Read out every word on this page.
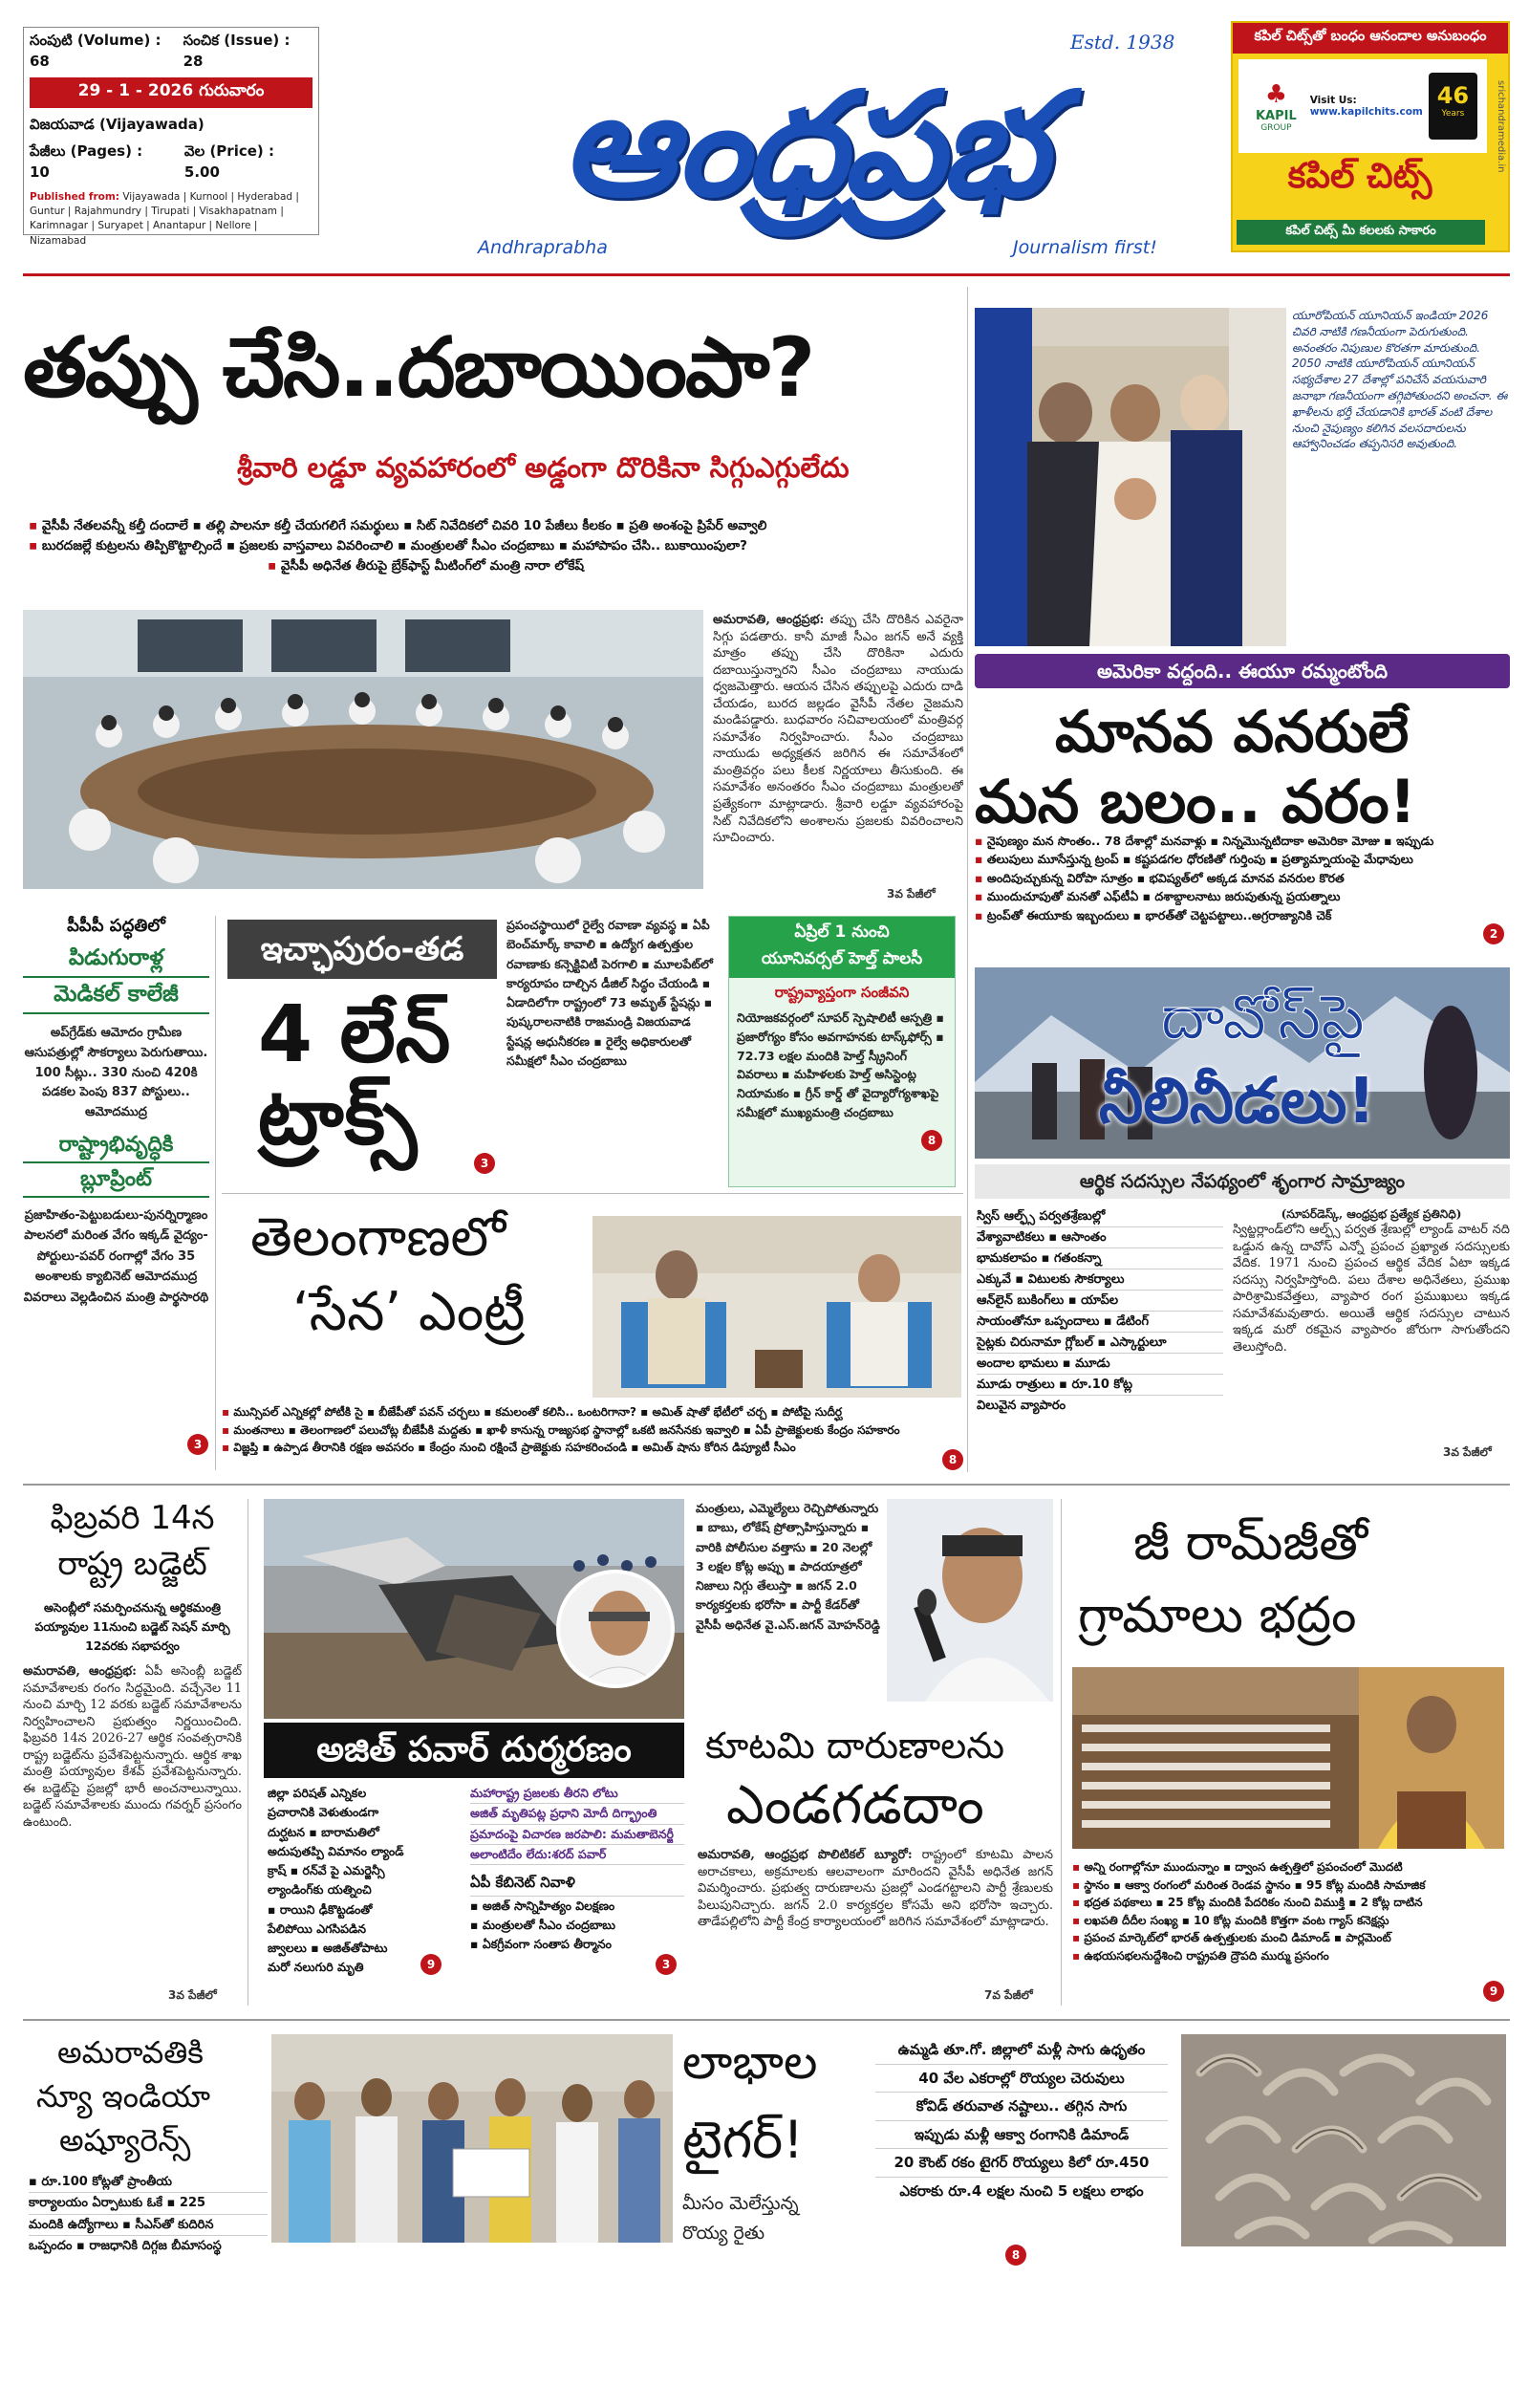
సంపుటి (Volume) : 68
సంచిక (Issue) : 28
29 - 1 - 2026 గురువారం
విజయవాడ (Vijayawada)
పేజీలు (Pages) : 10
వెల (Price) : 5.00
Published from: Vijayawada | Kurnool | Hyderabad | Guntur | Rajahmundry | Tirupati | Visakhapatnam | Karimnagar | Suryapet | Anantapur | Nellore | Nizamabad
Estd. 1938
ఆంధ్రప్రభ
Andhraprabha	Journalism first!
కపిల్ చిట్స్‌తో బంధం ఆనందాల అనుబంధం
♣
KAPIL
GROUP
Visit Us:
www.kapilchits.com
46
Years
కపిల్ చిట్స్
కపిల్ చిట్స్ మీ కలలకు సాకారం
srichandramedia.in
తప్పు చేసి..దబాయింపా?
శ్రీవారి లడ్డూ వ్యవహారంలో అడ్డంగా దొరికినా సిగ్గుఎగ్గులేదు
▪ వైసీపీ నేతలవన్నీ కల్తీ దందాలే ▪ తల్లి పాలనూ కల్తీ చేయగలిగే సమర్థులు ▪ సిట్ నివేదికలో చివరి 10 పేజీలు కీలకం ▪ ప్రతి అంశంపై ప్రిపేర్ అవ్వాలి
▪ బురదజల్లే కుట్రలను తిప్పికొట్టాల్సిందే ▪ ప్రజలకు వాస్తవాలు వివరించాలి ▪ మంత్రులతో సీఎం చంద్రబాబు ▪ మహాపాపం చేసి.. బుకాయింపులా?
▪ వైసీపీ అధినేత తీరుపై బ్రేక్‌ఫాస్ట్ మీటింగ్‌లో మంత్రి నారా లోకేష్
అమరావతి, ఆంధ్రప్రభ: తప్పు చేసి దొరికిన ఎవరైనా సిగ్గు పడతారు. కానీ మాజీ సీఎం జగన్ అనే వ్యక్తి మాత్రం తప్పు చేసి దొరికినా ఎదురు దబాయిస్తున్నారని సీఎం చంద్రబాబు నాయుడు ధ్వజమెత్తారు. ఆయన చేసిన తప్పులపై ఎదురు దాడి చేయడం, బురద జల్లడం వైసీపీ నేతల నైజమని మండిపడ్డారు. బుధవారం సచివాలయంలో మంత్రివర్గ సమావేశం నిర్వహించారు. సీఎం చంద్రబాబు నాయుడు అధ్యక్షతన జరిగిన ఈ సమావేశంలో మంత్రివర్గం పలు కీలక నిర్ణయాలు తీసుకుంది. ఈ సమావేశం అనంతరం సీఎం చంద్రబాబు మంత్రులతో ప్రత్యేకంగా మాట్లాడారు. శ్రీవారి లడ్డూ వ్యవహారంపై సిట్ నివేదికలోని అంశాలను ప్రజలకు వివరించాలని సూచించారు.
3వ పేజీలో
యూరోపియన్ యూనియన్ ఇండియా 2026 చివరి నాటికి గణనీయంగా పెరుగుతుంది. అనంతరం నిపుణుల కొరతగా మారుతుంది. 2050 నాటికి యూరోపియన్ యూనియన్ సభ్యదేశాల 27 దేశాల్లో పనిచేసే వయసువారి జనాభా గణనీయంగా తగ్గిపోతుందని అంచనా. ఈ ఖాళీలను భర్తీ చేయడానికి భారత్ వంటి దేశాల నుంచి నైపుణ్యం కలిగిన వలసదారులను ఆహ్వానించడం తప్పనిసరి అవుతుంది.
అమెరికా వద్దంది.. ఈయూ రమ్మంటోంది
మానవ వనరులే
మన బలం.. వరం!
▪ నైపుణ్యం మన సొంతం.. 78 దేశాల్లో మనవాళ్లు ▪ నిన్నమొన్నటిదాకా అమెరికా మోజు ▪ ఇప్పుడు
▪ తలుపులు మూసేస్తున్న ట్రంప్ ▪ కష్టపడగల ధోరణితో గుర్తింపు ▪ ప్రత్యామ్నాయంపై మేధావులు
▪ అందిపుచ్చుకున్న విరోపా సూత్రం ▪ భవిష్యత్‌లో అక్కడ మానవ వనరుల కొరత
▪ ముందుచూపుతో మనతో ఎఫ్‌టీఏ ▪ దశాబ్దాలనాటు జరుపుతున్న ప్రయత్నాలు
▪ ట్రంప్‌తో ఈయూకు ఇబ్బందులు ▪ భారత్‌తో చెట్టపట్టాలు..అగ్రరాజ్యానికి చెక్
2
దావోస్‌పై
నీలినీడలు!
ఆర్థిక సదస్సుల నేపథ్యంలో శృంగార సామ్రాజ్యం
స్విస్ ఆల్ఫ్స్ పర్వతశ్రేణుల్లో
వేశ్యావాటికలు ▪ ఆసాంతం
భామకలాపం ▪ గతంకన్నా
ఎక్కువే ▪ విటులకు సౌకర్యాలు
ఆన్‌లైన్ బుకింగ్‌లు ▪ యాప్‌ల
సాయంతోనూ ఒప్పందాలు ▪ డేటింగ్
సైట్లకు చిరునామా గ్లోబల్ ▪ ఎస్కార్టులూ
అందాల భామలు ▪ మూడు
మూడు రాత్రులు ▪ రూ.10 కోట్ల
విలువైన వ్యాపారం
(సూపర్‌డెస్క్, ఆంధ్రప్రభ ప్రత్యేక ప్రతినిధి)
స్విట్జర్లాండ్‌లోని ఆల్ఫ్స్ పర్వత శ్రేణుల్లో ల్యాండ్ వాటర్ నది ఒడ్డున ఉన్న దావోస్ ఎన్నో ప్రపంచ ప్రఖ్యాత సదస్సులకు వేదిక. 1971 నుంచి ప్రపంచ ఆర్థిక వేదిక ఏటా ఇక్కడ సదస్సు నిర్వహిస్తోంది. పలు దేశాల అధినేతలు, ప్రముఖ పారిశ్రామికవేత్తలు, వ్యాపార రంగ ప్రముఖులు ఇక్కడ సమావేశమవుతారు. అయితే ఆర్థిక సదస్సుల చాటున ఇక్కడ మరో రకమైన వ్యాపారం జోరుగా సాగుతోందని తెలుస్తోంది.
3వ పేజీలో
పీపీపీ పద్ధతిలో
పిడుగురాళ్ల
మెడికల్ కాలేజీ
అప్‌గ్రేడ్‌కు ఆమోదం గ్రామీణ ఆసుపత్రుల్లో సౌకర్యాలు పెరుగుతాయి. 100 సీట్లు.. 330 నుంచి 420కి పడకల పెంపు 837 పోస్టులు.. ఆమోదముద్ర
రాష్ట్రాభివృద్ధికి
బ్లూప్రింట్
ప్రజాహితం-పెట్టుబడులు-పునర్నిర్మాణం పాలనలో మరింత వేగం ఇక్కడ్ వైద్యం-పోర్టులు-పవర్ రంగాల్లో వేగం 35 అంశాలకు క్యాబినెట్ ఆమోదముద్ర వివరాలు వెల్లడించిన మంత్రి పార్థసారథి
3
ఇచ్ఛాపురం-తడ
4 లేన్
ట్రాక్స్
3
ప్రపంచస్థాయిలో రైల్వే రవాణా వ్యవస్థ ▪ ఏపీ బెంచ్‌మార్క్ కావాలి ▪ ఉద్యోగ ఉత్పత్తుల రవాణాకు కన్సెక్టివిటీ పెరగాలి ▪ మూలపేట్‌లో కార్యరూపం దాల్చిన డీజిల్ సిద్ధం చేయండి ▪ ఏడాదిలోగా రాష్ట్రంలో 73 అమృత్ స్టేషన్లు ▪ పుష్కరాలనాటికి రాజమండ్రి విజయవాడ స్టేషన్ల ఆధునీకరణ ▪ రైల్వే అధికారులతో సమీక్షలో సీఎం చంద్రబాబు
ఏప్రిల్ 1 నుంచి
యూనివర్సల్ హెల్త్ పాలసీ
రాష్ట్రవ్యాప్తంగా సంజీవని
నియోజకవర్గంలో సూపర్ స్పెషాలిటీ ఆస్పత్రి ▪ ప్రజారోగ్యం కోసం అవగాహనకు టాస్క్‌ఫోర్స్ ▪ 72.73 లక్షల మందికి హెల్త్ స్క్రీనింగ్ వివరాలు ▪ మహిళలకు హెల్త్ అసిస్టెంట్ల నియామకం ▪ గ్రీన్ కార్డ్ తో వైద్యారోగ్యశాఖపై సమీక్షలో ముఖ్యమంత్రి చంద్రబాబు
8
తెలంగాణలో
‘సేన’ ఎంట్రీ
▪ మున్సిపల్ ఎన్నికల్లో పోటీకి సై ▪ బీజేపీతో పవన్ చర్చలు ▪ కమలంతో కలిసి.. ఒంటరిగానా? ▪ అమిత్ షాతో భేటీలో చర్చ ▪ పోటీపై సుదీర్ఘ
▪ మంతనాలు ▪ తెలంగాణలో పలుచోట్ల బీజేపీకి మద్దతు ▪ ఖాళీ కానున్న రాజ్యసభ స్థానాల్లో ఒకటి జనసేనకు ఇవ్వాలి ▪ ఏపీ ప్రాజెక్టులకు కేంద్రం సహకారం
▪ విజ్ఞప్తి ▪ ఉప్పాడ తీరానికి రక్షణ అవసరం ▪ కేంద్రం నుంచి రక్షించే ప్రాజెక్టుకు సహకరించండి ▪ అమిత్ షాను కోరిన డిప్యూటీ సీఎం
8
ఫిబ్రవరి 14న
రాష్ట్ర బడ్జెట్
అసెంబ్లీలో సమర్పించనున్న ఆర్థికమంత్రి పయ్యావుల 11నుంచి బడ్జెట్ సెషన్ మార్చి 12వరకు సభాపర్వం
అమరావతి, ఆంధ్రప్రభ: ఏపీ అసెంబ్లీ బడ్జెట్ సమావేశాలకు రంగం సిద్ధమైంది. వచ్చేనెల 11 నుంచి మార్చి 12 వరకు బడ్జెట్ సమావేశాలను నిర్వహించాలని ప్రభుత్వం నిర్ణయించింది. ఫిబ్రవరి 14న 2026-27 ఆర్థిక సంవత్సరానికి రాష్ట్ర బడ్జెట్‌ను ప్రవేశపెట్టనున్నారు. ఆర్థిక శాఖ మంత్రి పయ్యావుల కేశవ్ ప్రవేశపెట్టనున్నారు. ఈ బడ్జెట్‌పై ప్రజల్లో భారీ అంచనాలున్నాయి. బడ్జెట్ సమావేశాలకు ముందు గవర్నర్ ప్రసంగం ఉంటుంది.
3వ పేజీలో
అజిత్ పవార్ దుర్మరణం
జిల్లా పరిషత్ ఎన్నికల
ప్రచారానికి వెళుతుండగా
దుర్ఘటన ▪ బారామతిలో
అదుపుతప్పి విమానం ల్యాండ్
క్రాష్ ▪ రన్‌వే పై ఎమర్జెన్సీ
ల్యాండింగ్‌కు యత్నించి
▪ రాయిని ఢీకొట్టడంతో
పేలిపోయి ఎగసిపడిన
జ్వాలలు ▪ అజిత్‌తోపాటు
మరో నలుగురి మృతి	9
మహారాష్ట్ర ప్రజలకు తీరని లోటు
అజిత్ మృతిపట్ల ప్రధాని మోదీ దిగ్భ్రాంతి
ప్రమాదంపై విచారణ జరపాలి: మమతాబెనర్జీ
అలాంటిదేం లేదు:శరద్ పవార్
ఏపీ కేబినెట్ నివాళి
▪ అజిత్ సాన్నిహిత్యం విలక్షణం
▪ మంత్రులతో సీఎం చంద్రబాబు
▪ ఏకగ్రీవంగా సంతాప తీర్మానం
3
మంత్రులు, ఎమ్మెల్యేలు రెచ్చిపోతున్నారు ▪ బాబు, లోకేష్ ప్రోత్సాహిస్తున్నారు ▪ వారికి పోలీసుల వత్తాసు ▪ 20 నెలల్లో 3 లక్షల కోట్ల అప్పు ▪ పాదయాత్రలో నిజాలు నిగ్గు తేలుస్తా ▪ జగన్ 2.0 కార్యకర్తలకు భరోసా ▪ పార్టీ కేడర్‌తో వైసీపీ అధినేత వై.ఎస్.జగన్ మోహన్‌రెడ్డి
కూటమి దారుణాలను
ఎండగడదాం
అమరావతి, ఆంధ్రప్రభ పొలిటికల్ బ్యూరో: రాష్ట్రంలో కూటమి పాలన అరాచకాలు, అక్రమాలకు ఆలవాలంగా మారిందని వైసీపీ అధినేత జగన్ విమర్శించారు. ప్రభుత్వ దారుణాలను ప్రజల్లో ఎండగట్టాలని పార్టీ శ్రేణులకు పిలుపునిచ్చారు. జగన్ 2.0 కార్యకర్తల కోసమే అని భరోసా ఇచ్చారు. తాడేపల్లిలోని పార్టీ కేంద్ర కార్యాలయంలో జరిగిన సమావేశంలో మాట్లాడారు.
7వ పేజీలో
జీ రామ్‌జీతో
గ్రామాలు భద్రం
▪ అన్ని రంగాల్లోనూ ముందున్నాం ▪ ద్వాంస ఉత్పత్తిలో ప్రపంచంలో మొదటి
▪ స్థానం ▪ ఆక్వా రంగంలో మరింత రెండవ స్థానం ▪ 95 కోట్ల మందికి సామాజిక
▪ భద్రత పథకాలు ▪ 25 కోట్ల మందికి పేదరికం నుంచి విముక్తి ▪ 2 కోట్ల దాటిన
▪ లఖపతి దీదీల సంఖ్య ▪ 10 కోట్ల మందికి కొత్తగా వంట గ్యాస్ కనెక్షన్లు
▪ ప్రపంచ మార్కెట్‌లో భారత్ ఉత్పత్తులకు మంచి డిమాండ్ ▪ పార్లమెంట్
▪ ఉభయసభలనుద్దేశించి రాష్ట్రపతి ద్రౌపది ముర్ము ప్రసంగం
9
అమరావతికి
న్యూ ఇండియా
అష్యూరెన్స్
▪ రూ.100 కోట్లతో ప్రాంతీయ
కార్యాలయం ఏర్పాటుకు ఓకే ▪ 225
మందికి ఉద్యోగాలు ▪ సీఎస్‌తో కుదిరిన
ఒప్పందం ▪ రాజధానికి దిగ్గజ బీమాసంస్థ
లాభాల
టైగర్!
మీసం మెలేస్తున్న
రొయ్య రైతు
ఉమ్మడి తూ.గో. జిల్లాలో మళ్లీ సాగు ఉధృతం
40 వేల ఎకరాల్లో రొయ్యల చెరువులు
కోవిడ్ తరువాత నష్టాలు.. తగ్గిన సాగు
ఇప్పుడు మళ్లీ ఆక్వా రంగానికి డిమాండ్
20 కౌంట్ రకం టైగర్ రొయ్యలు కిలో రూ.450
ఎకరాకు రూ.4 లక్షల నుంచి 5 లక్షలు లాభం
8
